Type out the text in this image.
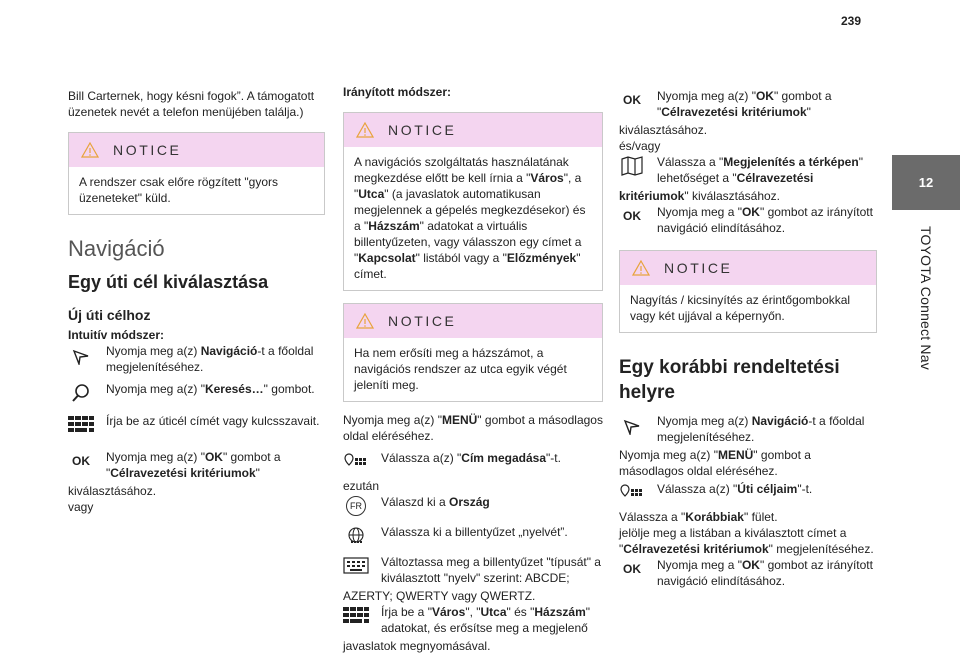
239
12
TOYOTA Connect Nav

Bill Carternek, hogy késni fogok”. A támogatott üzenetek nevét a telefon menüjében találja.)

NOTICE
A rendszer csak előre rögzített "gyors üzeneteket" küld.
Navigáció
Egy úti cél kiválasztása
Új úti célhoz

Intuitív módszer:

Nyomja meg a(z) Navigáció-t a főoldal megjelenítéséhez.
Nyomja meg a(z) "Keresés…" gombot.
Írja be az úticél címét vagy kulcsszavait.
OK	Nyomja meg a(z) "OK" gombot a "Célravezetési kritériumok"

kiválasztásához.

vagy

Irányított módszer:

NOTICE
A navigációs szolgáltatás használatának megkezdése előtt be kell írnia a "Város", a "Utca" (a javaslatok automatikusan megjelennek a gépelés megkezdésekor) és a "Házszám" adatokat a virtuális billentyűzeten, vagy válasszon egy címet a "Kapcsolat" listából vagy a "Előzmények" címet.
NOTICE
Ha nem erősíti meg a házszámot, a navigációs rendszer az utca egyik végét jeleníti meg.

Nyomja meg a(z) "MENÜ" gombot a másodlagos oldal eléréséhez.

Válassza a(z) "Cím megadása"-t.

ezután

FR	Válaszd ki a Ország
Válassza ki a billentyűzet „nyelvét”.
Változtassa meg a billentyűzet "típusát" a kiválasztott "nyelv" szerint: ABCDE;

AZERTY; QWERTY vagy QWERTZ.

Írja be a "Város", "Utca" és "Házszám" adatokat, és erősítse meg a megjelenő

javaslatok megnyomásával.

OK	Nyomja meg a(z) "OK" gombot a "Célravezetési kritériumok"

kiválasztásához.

és/vagy

Válassza a "Megjelenítés a térképen" lehetőséget a "Célravezetési

kritériumok" kiválasztásához.

OK	Nyomja meg a "OK" gombot az irányított navigáció elindításához.
NOTICE
Nagyítás / kicsinyítés az érintőgombokkal vagy két ujjával a képernyőn.
Egy korábbi rendeltetési helyre
Nyomja meg a(z) Navigáció-t a főoldal megjelenítéséhez.

Nyomja meg a(z) "MENÜ" gombot a másodlagos oldal eléréséhez.

Válassza a(z) "Úti céljaim"-t.

Válassza a "Korábbiak" fület.

jelölje meg a listában a kiválasztott címet a "Célravezetési kritériumok" megjelenítéséhez.

OK	Nyomja meg a "OK" gombot az irányított navigáció elindításához.
